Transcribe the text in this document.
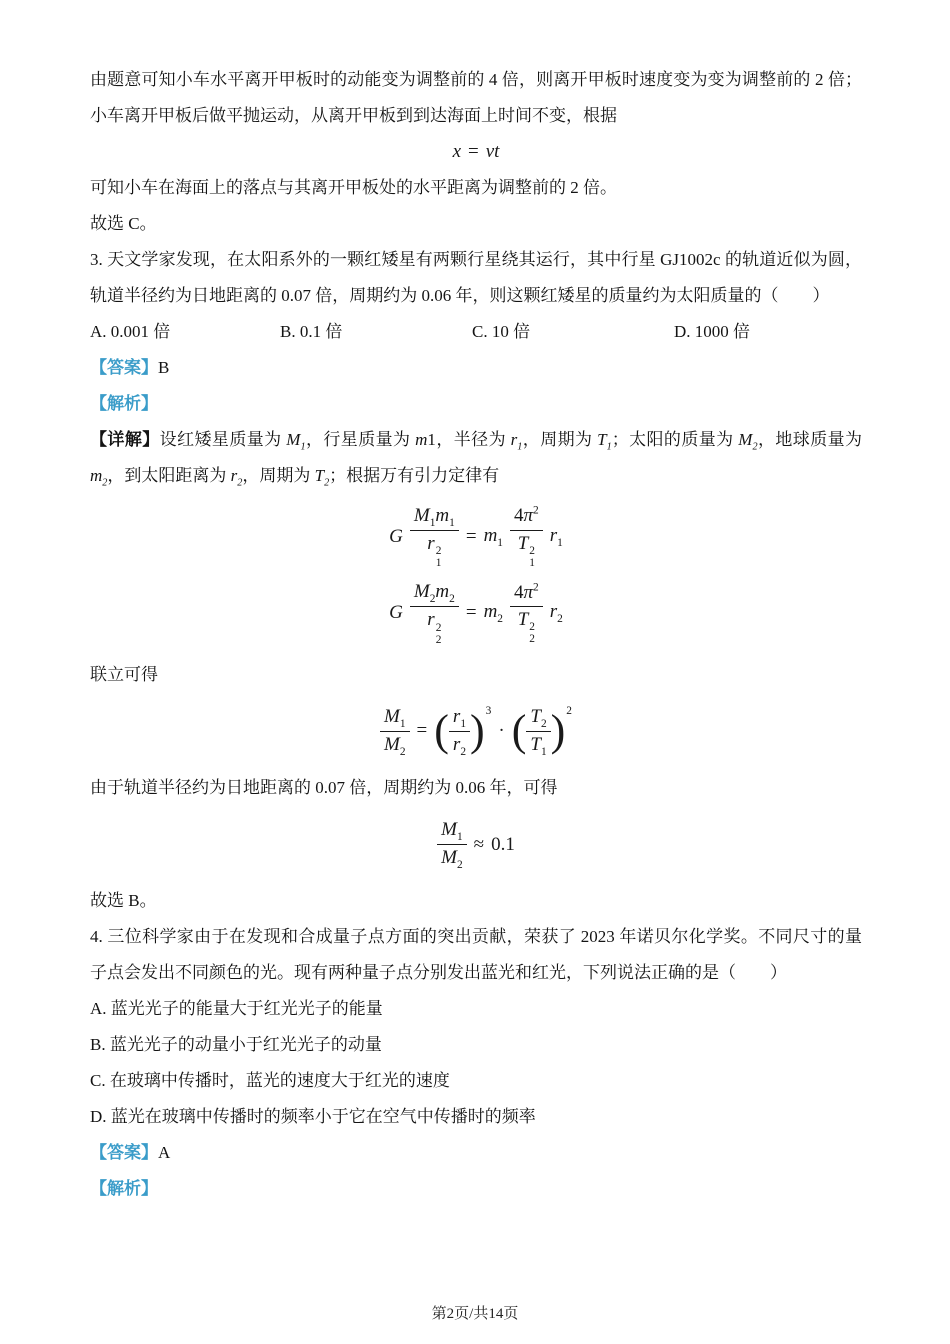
由题意可知小车水平离开甲板时的动能变为调整前的 4 倍，则离开甲板时速度变为变为调整前的 2 倍；小车离开甲板后做平抛运动，从离开甲板到到达海面上时间不变，根据

x = vt

可知小车在海面上的落点与其离开甲板处的水平距离为调整前的 2 倍。

故选 C。

3. 天文学家发现，在太阳系外的一颗红矮星有两颗行星绕其运行，其中行星 GJ1002c 的轨道近似为圆，轨道半径约为日地距离的 0.07 倍，周期约为 0.06 年，则这颗红矮星的质量约为太阳质量的（　　）

A. 0.001 倍	B. 0.1 倍	C. 10 倍	D. 1000 倍

【答案】B

【解析】

【详解】设红矮星质量为 $M_1$，行星质量为 m1，半径为 $r_1$，周期为 $T_1$；太阳的质量为 $M_2$，地球质量为 $m_2$，到太阳距离为 $r_2$，周期为 $T_2$；根据万有引力定律有

G $M_1m_1$
r 2
$1 = m_1$ $4\pi^2$
T 2
1 $r_1$
G $M_2m_2$
r 2
$2 = m_2$ $4\pi^2$
T 2
2 $r_2$

联立可得

$\frac{M_1}{M_2}$ = ( $\frac{r_1}{r_2}$ ) 3
· ( $\frac{T_2}{T_1}$ ) 2

由于轨道半径约为日地距离的 0.07 倍，周期约为 0.06 年，可得

$\frac{M_1}{M_2} \approx 0.1$

故选 B。

4. 三位科学家由于在发现和合成量子点方面的突出贡献，荣获了 2023 年诺贝尔化学奖。不同尺寸的量子点会发出不同颜色的光。现有两种量子点分别发出蓝光和红光，下列说法正确的是（　　）

A. 蓝光光子的能量大于红光光子的能量

B. 蓝光光子的动量小于红光光子的动量

C. 在玻璃中传播时，蓝光的速度大于红光的速度

D. 蓝光在玻璃中传播时的频率小于它在空气中传播时的频率

【答案】A

【解析】

第2页/共14页
